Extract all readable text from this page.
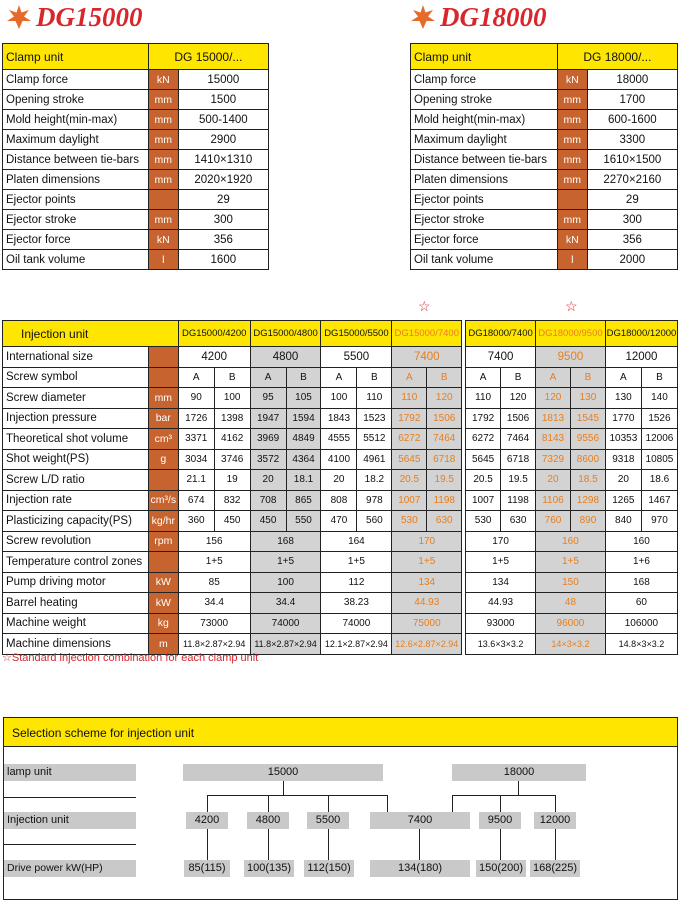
DG15000	DG18000
Clamp unit	DG 15000/...	
Clamp force	kN	15000
Opening stroke	mm	1500
Mold height(min-max)	mm	500-1400
Maximum daylight	mm	2900
Distance between tie-bars	mm	1410×1310
Platen dimensions	mm	2020×1920
Ejector points		29
Ejector stroke	mm	300
Ejector force	kN	356
Oil tank volume	l	1600
Clamp unit	DG 18000/...	
Clamp force	kN	18000
Opening stroke	mm	1700
Mold height(min-max)	mm	600-1600
Maximum daylight	mm	3300
Distance between tie-bars	mm	1610×1500
Platen dimensions	mm	2270×2160
Ejector points		29
Ejector stroke	mm	300
Ejector force	kN	356
Oil tank volume	l	2000
☆	☆
Injection unit		DG15000/4200		DG15000/4800		DG15000/5500		DG15000/7400			DG18000/7400		DG18000/9500		DG18000/12000	
International size		4200		4800		5500		7400			7400		9500		12000	
Screw symbol		A	B	A	B	A	B	A	B		A	B	A	B	A	B
Screw diameter	mm	90	100	95	105	100	110	110	120		110	120	120	130	130	140
Injection pressure	bar	1726	1398	1947	1594	1843	1523	1792	1506		1792	1506	1813	1545	1770	1526
Theoretical shot volume	cm³	3371	4162	3969	4849	4555	5512	6272	7464		6272	7464	8143	9556	10353	12006
Shot weight(PS)	g	3034	3746	3572	4364	4100	4961	5645	6718		5645	6718	7329	8600	9318	10805
Screw L/D ratio		21.1	19	20	18.1	20	18.2	20.5	19.5		20.5	19.5	20	18.5	20	18.6
Injection rate	cm³/s	674	832	708	865	808	978	1007	1198		1007	1198	1106	1298	1265	1467
Plasticizing capacity(PS)	kg/hr	360	450	450	550	470	560	530	630		530	630	760	890	840	970
Screw revolution	rpm	156		168		164		170			170		160		160	
Temperature control zones		1+5		1+5		1+5		1+5			1+5		1+5		1+6	
Pump driving motor	kW	85		100		112		134			134		150		168	
Barrel heating	kW	34.4		34.4		38.23		44.93			44.93		48		60	
Machine weight	kg	73000		74000		74000		75000			93000		96000		106000	
Machine dimensions	m	11.8×2.87×2.94		11.8×2.87×2.94		12.1×2.87×2.94		12.6×2.87×2.94			13.6×3×3.2		14×3×3.2		14.8×3×3.2	
☆Standard injection combination for each clamp unit
Selection scheme for injection unit
lamp unit
Injection unit
Drive power kW(HP)
15000	18000
4200	4800	5500	7400	9500	12000
85(115)	100(135)	112(150)	134(180)	150(200) 168(225)
